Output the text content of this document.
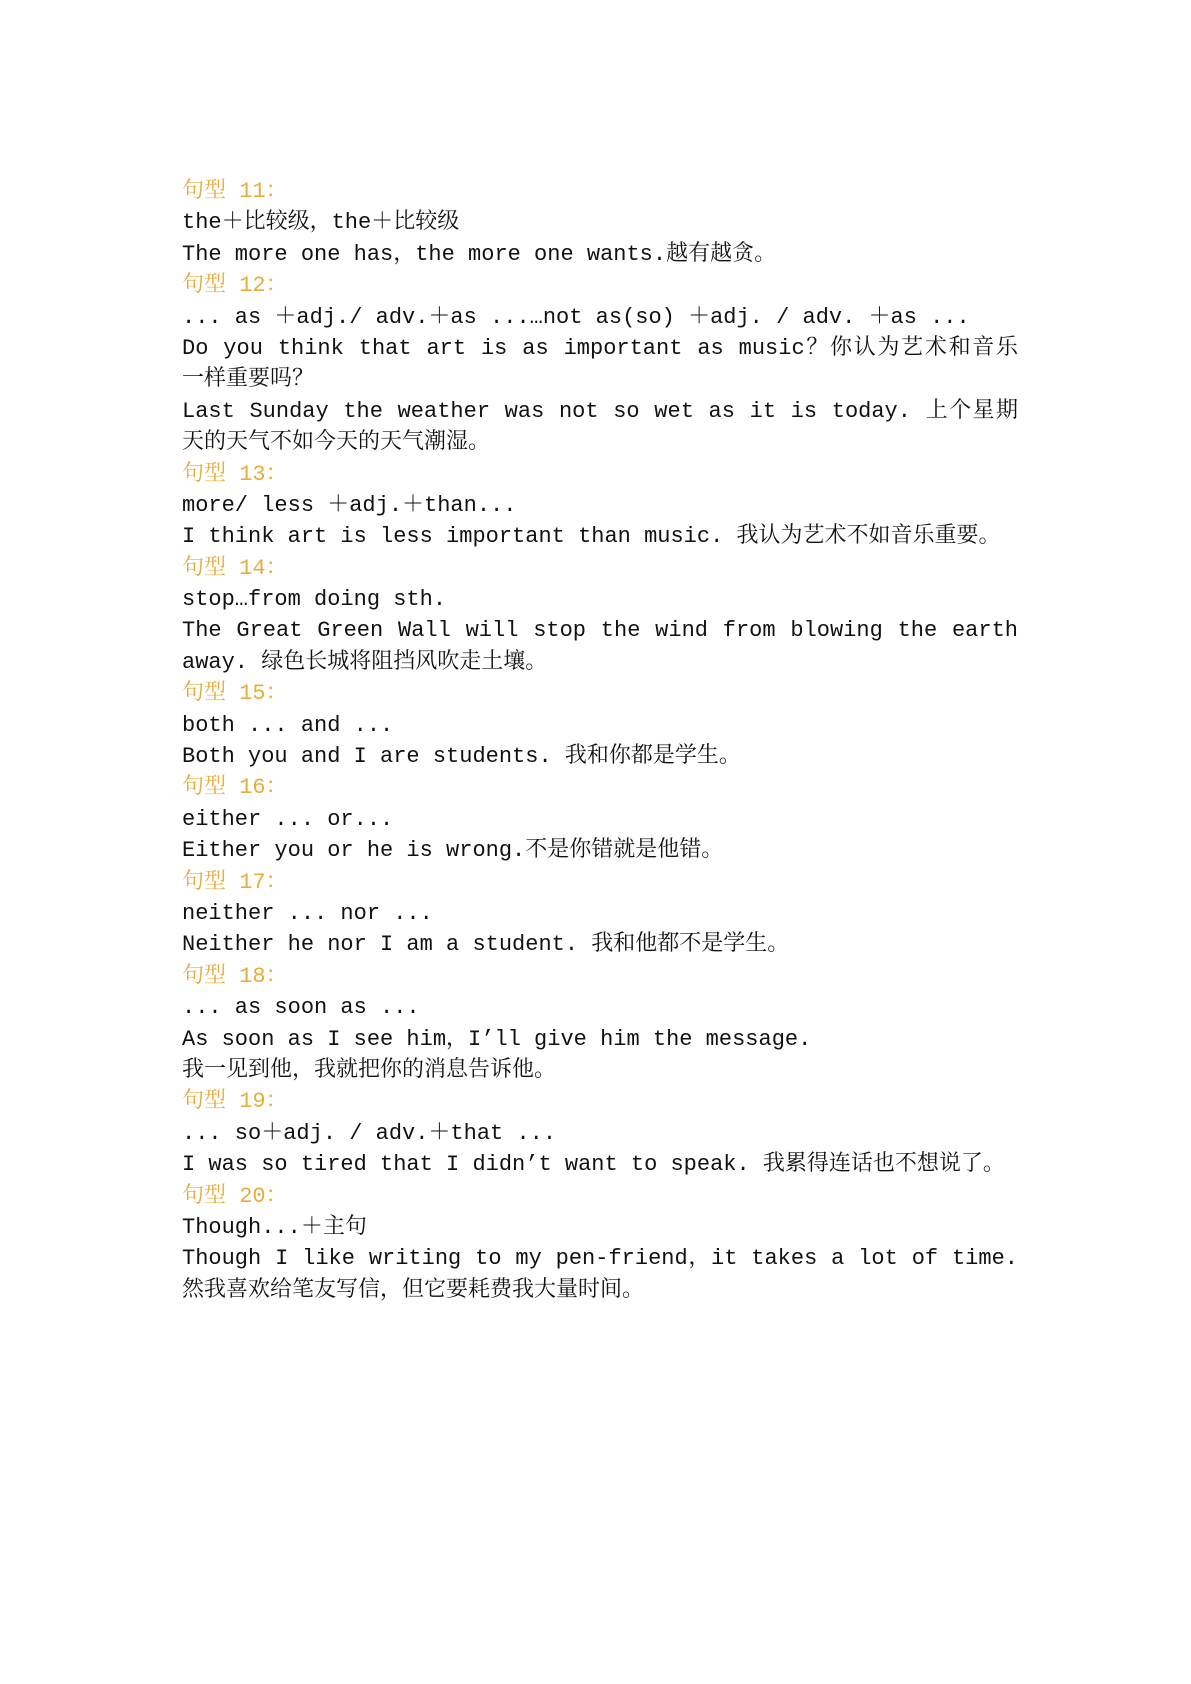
句型 11：
the＋比较级，the＋比较级
The more one has，the more one wants.越有越贪。
句型 12：
... as ＋adj./ adv.＋as ...…not as(so) ＋adj. / adv. ＋as ...
Do you think that art is as important as music？你认为艺术和音乐
一样重要吗？
Last Sunday the weather was not so wet as it is today. 上个星期
天的天气不如今天的天气潮湿。
句型 13：
more/ less ＋adj.＋than...
I think art is less important than music. 我认为艺术不如音乐重要。
句型 14：
stop…from doing sth.
The Great Green Wall will stop the wind from blowing the earth
away. 绿色长城将阻挡风吹走土壤。
句型 15：
both ... and ...
Both you and I are students. 我和你都是学生。
句型 16：
either ... or...
Either you or he is wrong.不是你错就是他错。
句型 17：
neither ... nor ...
Neither he nor I am a student. 我和他都不是学生。
句型 18：
... as soon as ...
As soon as I see him，I’ll give him the message.
我一见到他，我就把你的消息告诉他。
句型 19：
... so＋adj. / adv.＋that ...
I was so tired that I didn’t want to speak. 我累得连话也不想说了。
句型 20：
Though...＋主句
Though I like writing to my pen-friend，it takes a lot of time.
然我喜欢给笔友写信，但它要耗费我大量时间。
